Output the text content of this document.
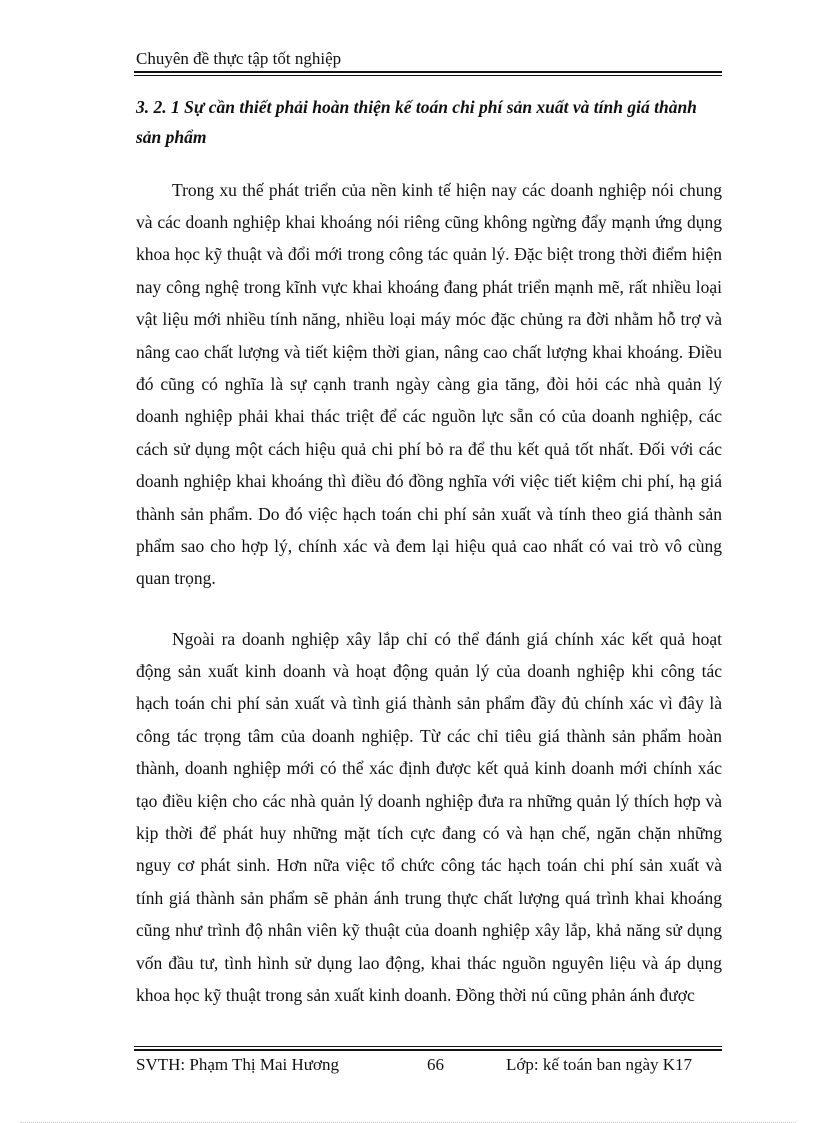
Chuyên đề thực tập tốt nghiệp
3. 2. 1 Sự cần thiết phải hoàn thiện kế toán chi phí sản xuất và tính giá thành sản phẩm

Trong xu thế phát triển của nền kinh tế hiện nay các doanh nghiệp nói chung và các doanh nghiệp khai khoáng nói riêng cũng không ngừng đẩy mạnh ứng dụng khoa học kỹ thuật và đổi mới trong công tác quản lý. Đặc biệt trong thời điểm hiện nay công nghệ trong kĩnh vực khai khoáng đang phát triển mạnh mẽ, rất nhiều loại vật liệu mới nhiều tính năng, nhiều loại máy móc đặc chủng ra đời nhằm hỗ trợ và nâng cao chất lượng và tiết kiệm thời gian, nâng cao chất lượng khai khoáng. Điều đó cũng có nghĩa là sự cạnh tranh ngày càng gia tăng, đòi hỏi các nhà quản lý doanh nghiệp phải khai thác triệt để các nguồn lực sẵn có của doanh nghiệp, các cách sử dụng một cách hiệu quả chi phí bỏ ra để thu kết quả tốt nhất. Đối với các doanh nghiệp khai khoáng thì điều đó đồng nghĩa với việc tiết kiệm chi phí, hạ giá thành sản phẩm. Do đó việc hạch toán chi phí sản xuất và tính theo giá thành sản phẩm sao cho hợp lý, chính xác và đem lại hiệu quả cao nhất có vai trò vô cùng quan trọng.

Ngoài ra doanh nghiệp xây lắp chỉ có thể đánh giá chính xác kết quả hoạt động sản xuất kinh doanh và hoạt động quản lý của doanh nghiệp khi công tác hạch toán chi phí sản xuất và tình giá thành sản phẩm đầy đủ chính xác vì đây là công tác trọng tâm của doanh nghiệp. Từ các chỉ tiêu giá thành sản phẩm hoàn thành, doanh nghiệp mới có thể xác định được kết quả kinh doanh mới chính xác tạo điều kiện cho các nhà quản lý doanh nghiệp đưa ra những quản lý thích hợp và kịp thời để phát huy những mặt tích cực đang có và hạn chế, ngăn chặn những nguy cơ phát sinh. Hơn nữa việc tổ chức công tác hạch toán chi phí sản xuất và tính giá thành sản phẩm sẽ phản ánh trung thực chất lượng quá trình khai khoáng cũng như trình độ nhân viên kỹ thuật của doanh nghiệp xây lắp, khả năng sử dụng vốn đầu tư, tình hình sử dụng lao động, khai thác nguồn nguyên liệu và áp dụng khoa học kỹ thuật trong sản xuất kinh doanh. Đồng thời nú cũng phản ánh được

SVTH: Phạm Thị Mai Hương	66	Lớp: kế toán ban ngày K17
